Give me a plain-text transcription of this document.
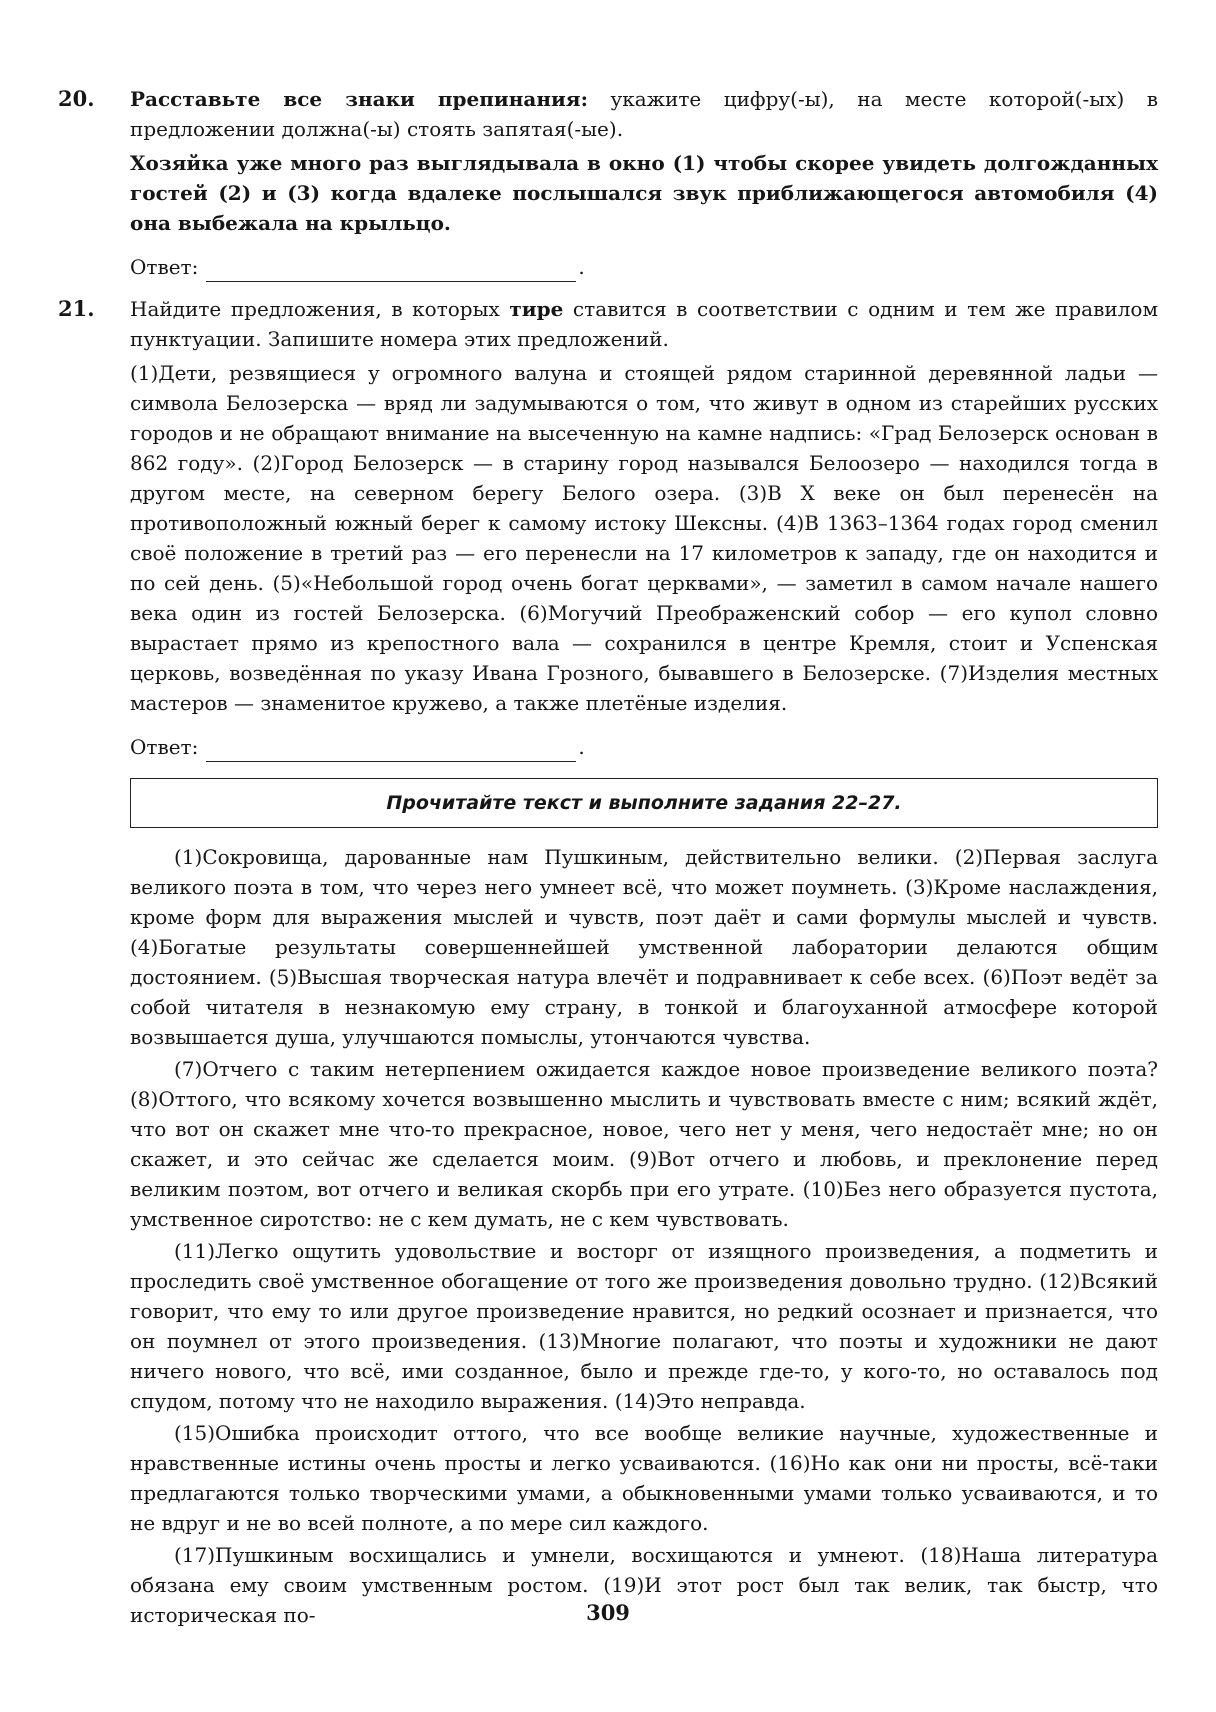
20. Расставьте все знаки препинания: укажите цифру(-ы), на месте которой(-ых) в предложении должна(-ы) стоять запятая(-ые).

Хозяйка уже много раз выглядывала в окно (1) чтобы скорее увидеть долгожданных гостей (2) и (3) когда вдалеке послышался звук приближающегося автомобиля (4) она выбежала на крыльцо.

Ответ:	.
21. Найдите предложения, в которых тире ставится в соответствии с одним и тем же правилом пунктуации. Запишите номера этих предложений.

(1)Дети, резвящиеся у огромного валуна и стоящей рядом старинной деревянной ладьи — символа Белозерска — вряд ли задумываются о том, что живут в одном из старейших русских городов и не обращают внимание на высеченную на камне надпись: «Град Белозерск основан в 862 году». (2)Город Белозерск — в старину город назывался Белоозеро — находился тогда в другом месте, на северном берегу Белого озера. (3)В X веке он был перенесён на противоположный южный берег к самому истоку Шексны. (4)В 1363–1364 годах город сменил своё положение в третий раз — его перенесли на 17 километров к западу, где он находится и по сей день. (5)«Небольшой город очень богат церквами», — заметил в самом начале нашего века один из гостей Белозерска. (6)Могучий Преображенский собор — его купол словно вырастает прямо из крепостного вала — сохранился в центре Кремля, стоит и Успенская церковь, возведённая по указу Ивана Грозного, бывавшего в Белозерске. (7)Изделия местных мастеров — знаменитое кружево, а также плетёные изделия.

Ответ:	.
Прочитайте текст и выполните задания 22–27.

(1)Сокровища, дарованные нам Пушкиным, действительно велики. (2)Первая заслуга великого поэта в том, что через него умнеет всё, что может поумнеть. (3)Кроме наслаждения, кроме форм для выражения мыслей и чувств, поэт даёт и сами формулы мыслей и чувств. (4)Богатые результаты совершеннейшей умственной лаборатории делаются общим достоянием. (5)Высшая творческая натура влечёт и подравнивает к себе всех. (6)Поэт ведёт за собой читателя в незнакомую ему страну, в тонкой и благоуханной атмосфере которой возвышается душа, улучшаются помыслы, утончаются чувства.

(7)Отчего с таким нетерпением ожидается каждое новое произведение великого поэта? (8)Оттого, что всякому хочется возвышенно мыслить и чувствовать вместе с ним; всякий ждёт, что вот он скажет мне что-то прекрасное, новое, чего нет у меня, чего недостаёт мне; но он скажет, и это сейчас же сделается моим. (9)Вот отчего и любовь, и преклонение перед великим поэтом, вот отчего и великая скорбь при его утрате. (10)Без него образуется пустота, умственное сиротство: не с кем думать, не с кем чувствовать.

(11)Легко ощутить удовольствие и восторг от изящного произведения, а подметить и проследить своё умственное обогащение от того же произведения довольно трудно. (12)Всякий говорит, что ему то или другое произведение нравится, но редкий осознает и признается, что он поумнел от этого произведения. (13)Многие полагают, что поэты и художники не дают ничего нового, что всё, ими созданное, было и прежде где-то, у кого-то, но оставалось под спудом, потому что не находило выражения. (14)Это неправда.

(15)Ошибка происходит оттого, что все вообще великие научные, художественные и нравственные истины очень просты и легко усваиваются. (16)Но как они ни просты, всё-таки предлагаются только творческими умами, а обыкновенными умами только усваиваются, и то не вдруг и не во всей полноте, а по мере сил каждого.

(17)Пушкиным восхищались и умнели, восхищаются и умнеют. (18)Наша литература обязана ему своим умственным ростом. (19)И этот рост был так велик, так быстр, что историческая по-	309
